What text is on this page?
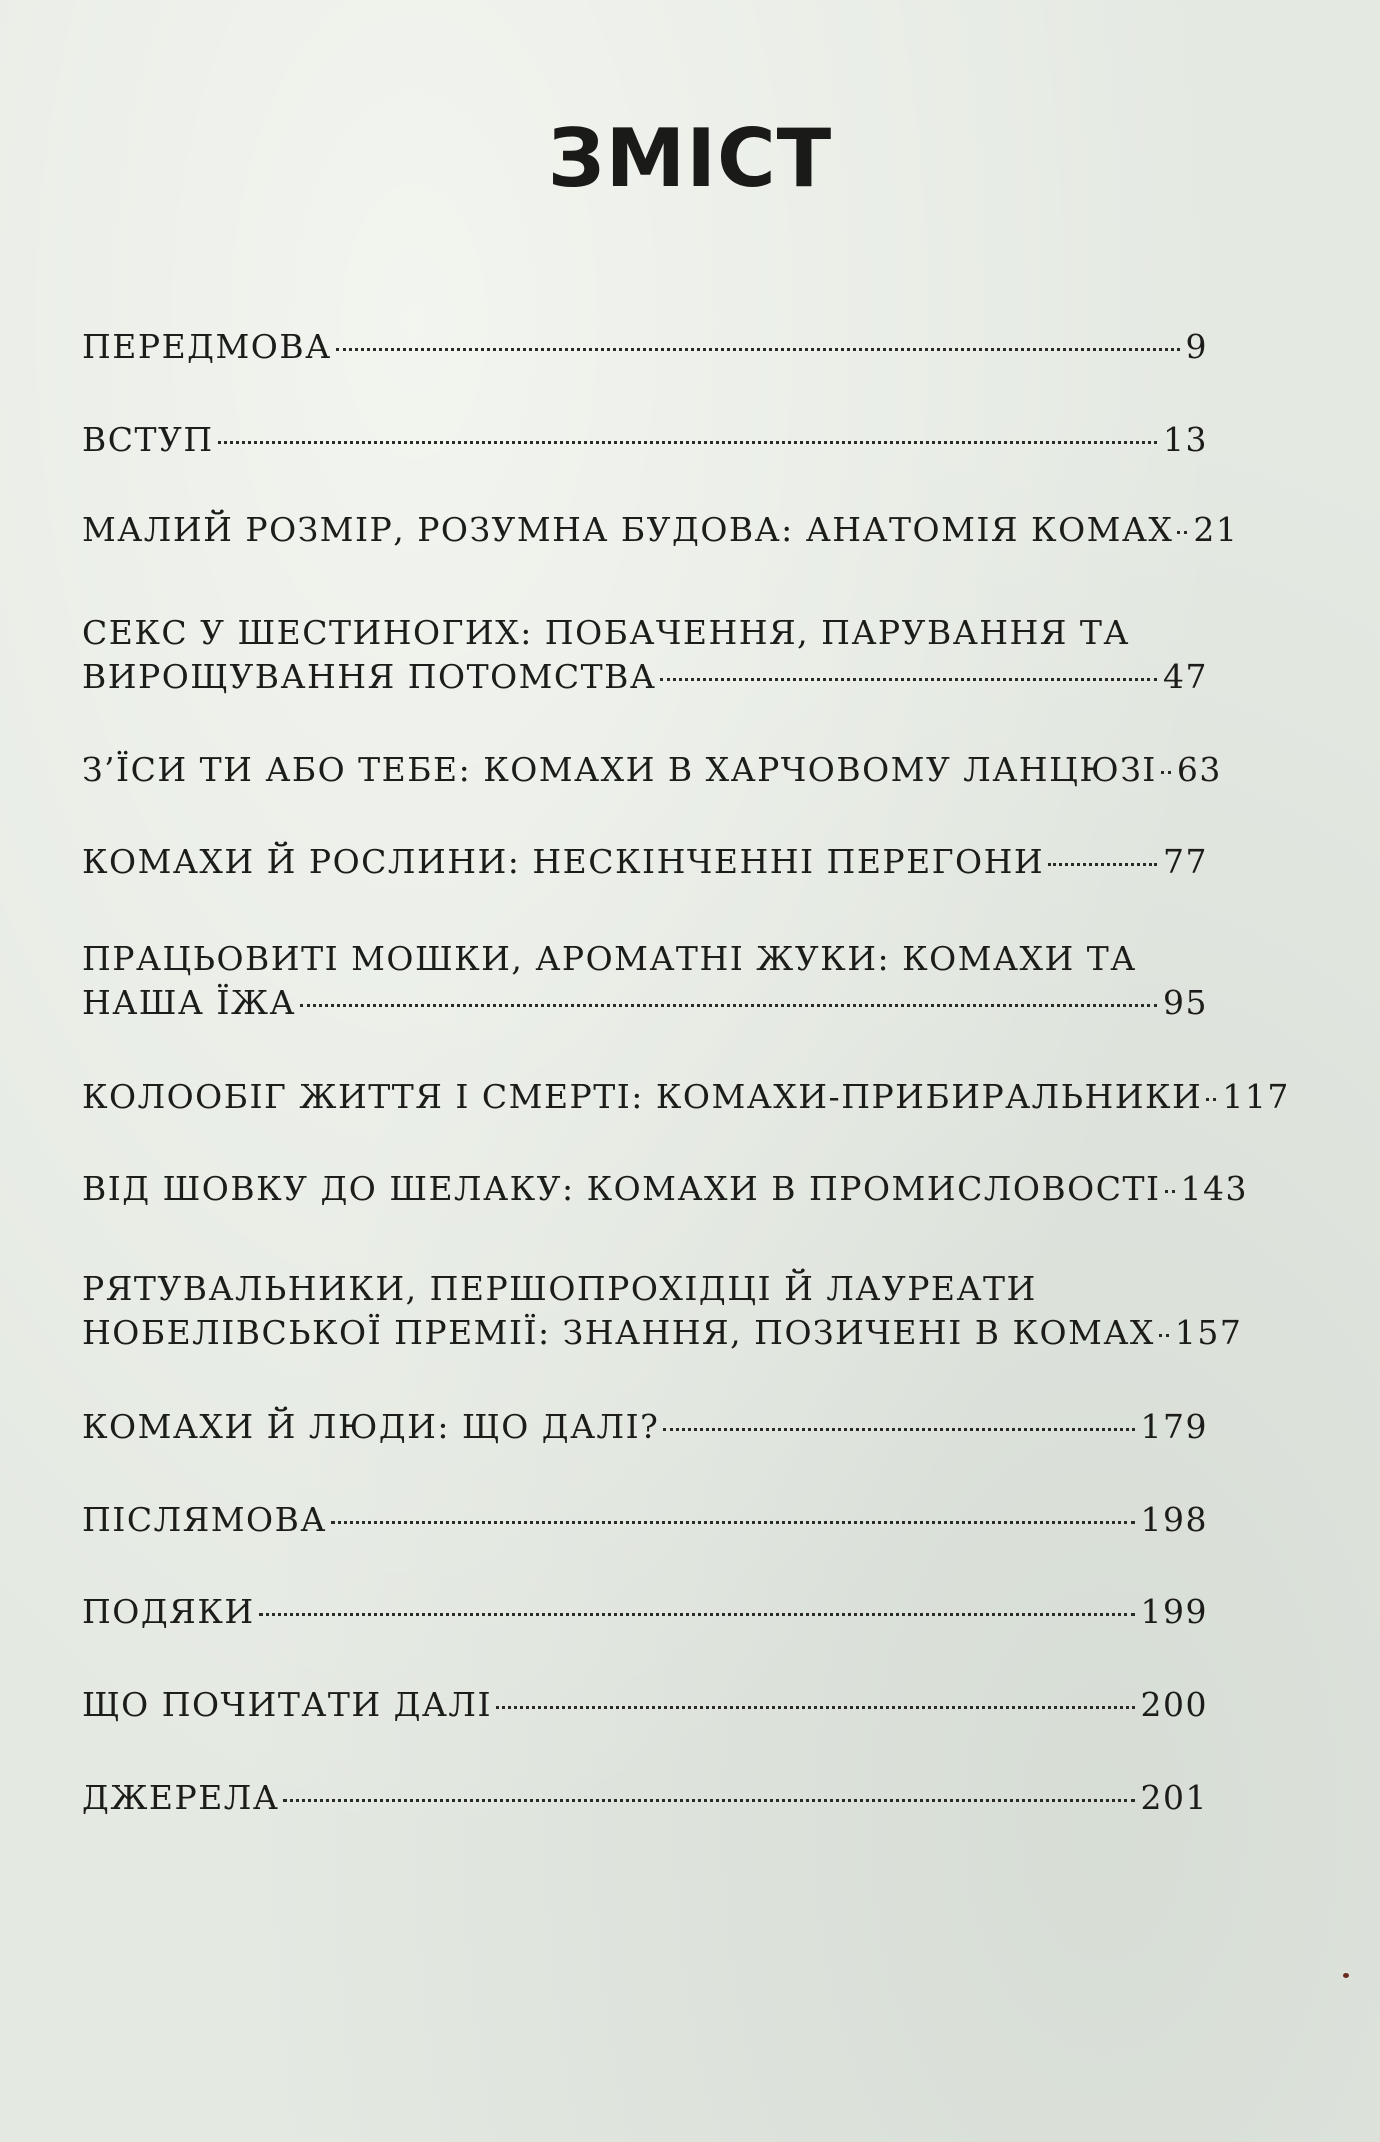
ЗМІСТ
ПЕРЕДМОВА	9
ВСТУП	13
МАЛИЙ РОЗМІР, РОЗУМНА БУДОВА: АНАТОМІЯ КОМАХ 21
СЕКС У ШЕСТИНОГИХ: ПОБАЧЕННЯ, ПАРУВАННЯ ТА
ВИРОЩУВАННЯ ПОТОМСТВА	47
З’ЇСИ ТИ АБО ТЕБЕ: КОМАХИ В ХАРЧОВОМУ ЛАНЦЮЗІ 63
КОМАХИ Й РОСЛИНИ: НЕСКІНЧЕННІ ПЕРЕГОНИ	77
ПРАЦЬОВИТІ МОШКИ, АРОМАТНІ ЖУКИ: КОМАХИ ТА
НАША ЇЖА	95
КОЛООБІГ ЖИТТЯ І СМЕРТІ: КОМАХИ-ПРИБИРАЛЬНИКИ 117
ВІД ШОВКУ ДО ШЕЛАКУ: КОМАХИ В ПРОМИСЛОВОСТІ 143
РЯТУВАЛЬНИКИ, ПЕРШОПРОХІДЦІ Й ЛАУРЕАТИ
НОБЕЛІВСЬКОЇ ПРЕМІЇ: ЗНАННЯ, ПОЗИЧЕНІ В КОМАХ 157
КОМАХИ Й ЛЮДИ: ЩО ДАЛІ?	179
ПІСЛЯМОВА	198
ПОДЯКИ	199
ЩО ПОЧИТАТИ ДАЛІ	200
ДЖЕРЕЛА	201
